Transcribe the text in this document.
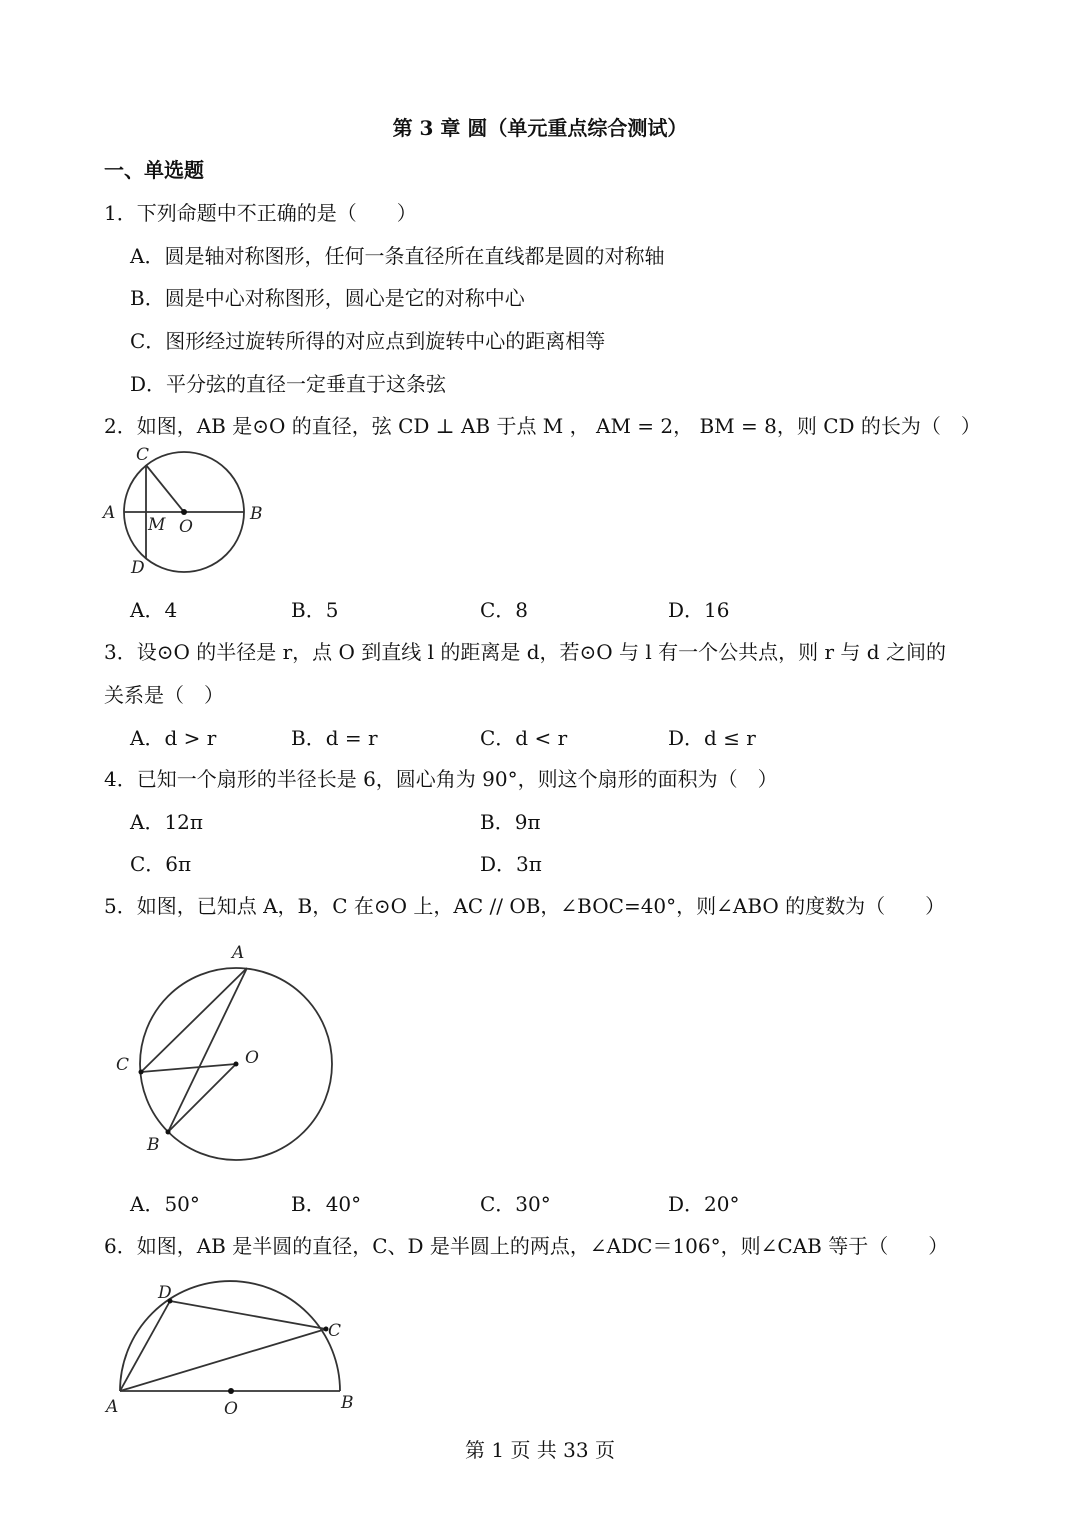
第 3 章 圆（单元重点综合测试）
一、单选题
1．下列命题中不正确的是（　　）
A．圆是轴对称图形，任何一条直径所在直线都是圆的对称轴
B．圆是中心对称图形，圆心是它的对称中心
C．图形经过旋转所得的对应点到旋转中心的距离相等
D．平分弦的直径一定垂直于这条弦
2．如图，AB 是⊙O 的直径，弦 CD ⊥ AB 于点 M ， AM = 2， BM = 8，则 CD 的长为（　）
A	B
C
D
M O
A．4	B．5	C．8	D．16
3．设⊙O 的半径是 r，点 O 到直线 l 的距离是 d，若⊙O 与 l 有一个公共点，则 r 与 d 之间的
关系是（　）
A．d > r	B．d = r	C．d < r	D．d ≤ r
4．已知一个扇形的半径长是 6，圆心角为 90°，则这个扇形的面积为（　）
A．12π	B．9π
C．6π	D．3π
5．如图，已知点 A，B，C 在⊙O 上，AC // OB，∠BOC=40°，则∠ABO 的度数为（　　）
A
B
C	O
A．50°	B．40°	C．30°	D．20°
6．如图，AB 是半圆的直径，C、D 是半圆上的两点，∠ADC＝106°，则∠CAB 等于（　　）
A	B
C
D
O
第 1 页 共 33 页
